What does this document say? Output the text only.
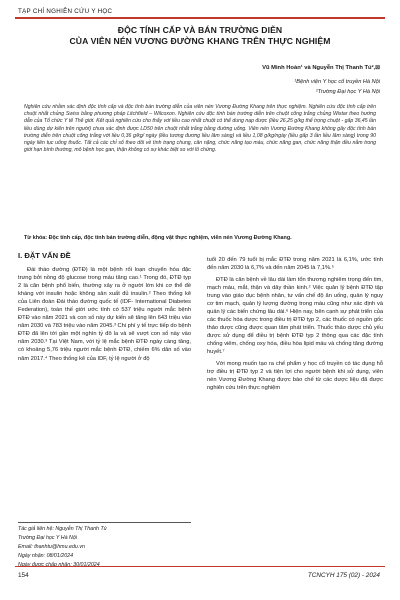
TẠP CHÍ NGHIÊN CỨU Y HỌC
ĐỘC TÍNH CẤP VÀ BÁN TRƯỜNG DIỄN
CỦA VIÊN NÉN VƯƠNG ĐƯỜNG KHANG TRÊN THỰC NGHIỆM
Vũ Minh Hoàn¹ và Nguyễn Thị Thanh Tú²,⊠
¹Bệnh viện Y học cổ truyền Hà Nội
²Trường Đại học Y Hà Nội
Nghiên cứu nhằm xác định độc tính cấp và độc tính bán trường diễn của viên nén Vương Đường Khang trên thực nghiệm. Nghiên cứu độc tính cấp trên chuột nhắt chủng Swiss bằng phương pháp Litchfield – Wilcoxon. Nghiên cứu độc tính bán trường diễn trên chuột cống trắng chủng Wistar theo hướng dẫn của Tổ chức Y tế Thế giới. Kết quả nghiên cứu cho thấy với liều cao nhất chuột có thể dung nạp được (liều 26,25 g/kg thể trọng chuột - gấp 36,45 lần liều dùng dự kiến trên người) chưa xác định được LD50 trên chuột nhắt trắng bằng đường uống. Viên nén Vương Đường Khang không gây độc tính bán trường diễn trên chuột cống trắng với liều 0,36 g/kg/ ngày (liều tương đương liều lâm sàng) và liều 1,08 g/kg/ngày (liều gấp 3 lần liều lâm sàng) trong 90 ngày liên tục uống thuốc. Tất cả các chỉ số theo dõi về tình trạng chung, cân nặng, chức năng tạo máu, chức năng gan, chức năng thận đều nằm trong giới hạn bình thường, mô bệnh học gan, thận không có sự khác biệt so với lô chứng.
Từ khóa: Độc tính cấp, độc tính bán trường diễn, động vật thực nghiệm, viên nén Vương Đường Khang.
I. ĐẶT VẤN ĐỀ

Đái tháo đường (ĐTĐ) là một bệnh rối loạn chuyển hóa đặc trưng bởi nồng độ glucose trong máu tăng cao.¹ Trong đó, ĐTĐ typ 2 là căn bệnh phổ biến, thường xảy ra ở người lớn khi cơ thể đề kháng với insulin hoặc không sản xuất đủ insulin.² Theo thống kê của Liên đoàn Đái tháo đường quốc tế (IDF- International Diabetes Federation), toàn thế giới ước tính có 537 triệu người mắc bệnh ĐTĐ vào năm 2021 và con số này dự kiến sẽ tăng lên 643 triệu vào năm 2030 và 783 triệu vào năm 2045.³ Chi phí y tế trực tiếp do bệnh ĐTĐ đã lên tới gần một nghìn tỷ đô la và sẽ vượt con số này vào năm 2030.³ Tại Việt Nam, với tỷ lệ mắc bệnh ĐTĐ ngày càng tăng, có khoảng 5,76 triệu người mắc bệnh ĐTĐ, chiếm 6% dân số vào năm 2017.⁴ Theo thống kê của IDF, tỷ lệ người ở độ

tuổi 20 đến 79 tuổi bị mắc ĐTĐ trong năm 2021 là 6,1%, ước tính đến năm 2030 là 6,7% và đến năm 2045 là 7,1%.⁵

ĐTĐ là căn bệnh về lâu dài làm tổn thương nghiêm trọng đến tim, mạch máu, mắt, thận và dây thần kinh.² Việc quản lý bệnh ĐTĐ tập trung vào giáo dục bệnh nhân, tư vấn chế độ ăn uống, quản lý nguy cơ tim mạch, quản lý lượng đường trong máu cũng như xác định và quản lý các biến chứng lâu dài.⁶ Hiện nay, bên cạnh sự phát triển của các thuốc hóa dược trong điều trị ĐTĐ typ 2, các thuốc có nguồn gốc thảo dược cũng được quan tâm phát triển. Thuốc thảo dược chủ yếu được sử dụng để điều trị bệnh ĐTĐ typ 2 thông qua các đặc tính chống viêm, chống oxy hóa, điều hòa lipid máu và chống tăng đường huyết.⁷

Với mong muốn tạo ra chế phẩm y học cổ truyền có tác dụng hỗ trợ điều trị ĐTĐ typ 2 và tiện lợi cho người bệnh khi sử dụng, viên nén Vương Đường Khang được bào chế từ các dược liệu đã được nghiên cứu trên thực nghiệm

Tác giả liên hệ: Nguyễn Thị Thanh Tú
Trường Đại học Y Hà Nội
Email: thanhtu@hmu.edu.vn
Ngày nhận: 08/01/2024
154	TCNCYH 175 (02) - 2024
